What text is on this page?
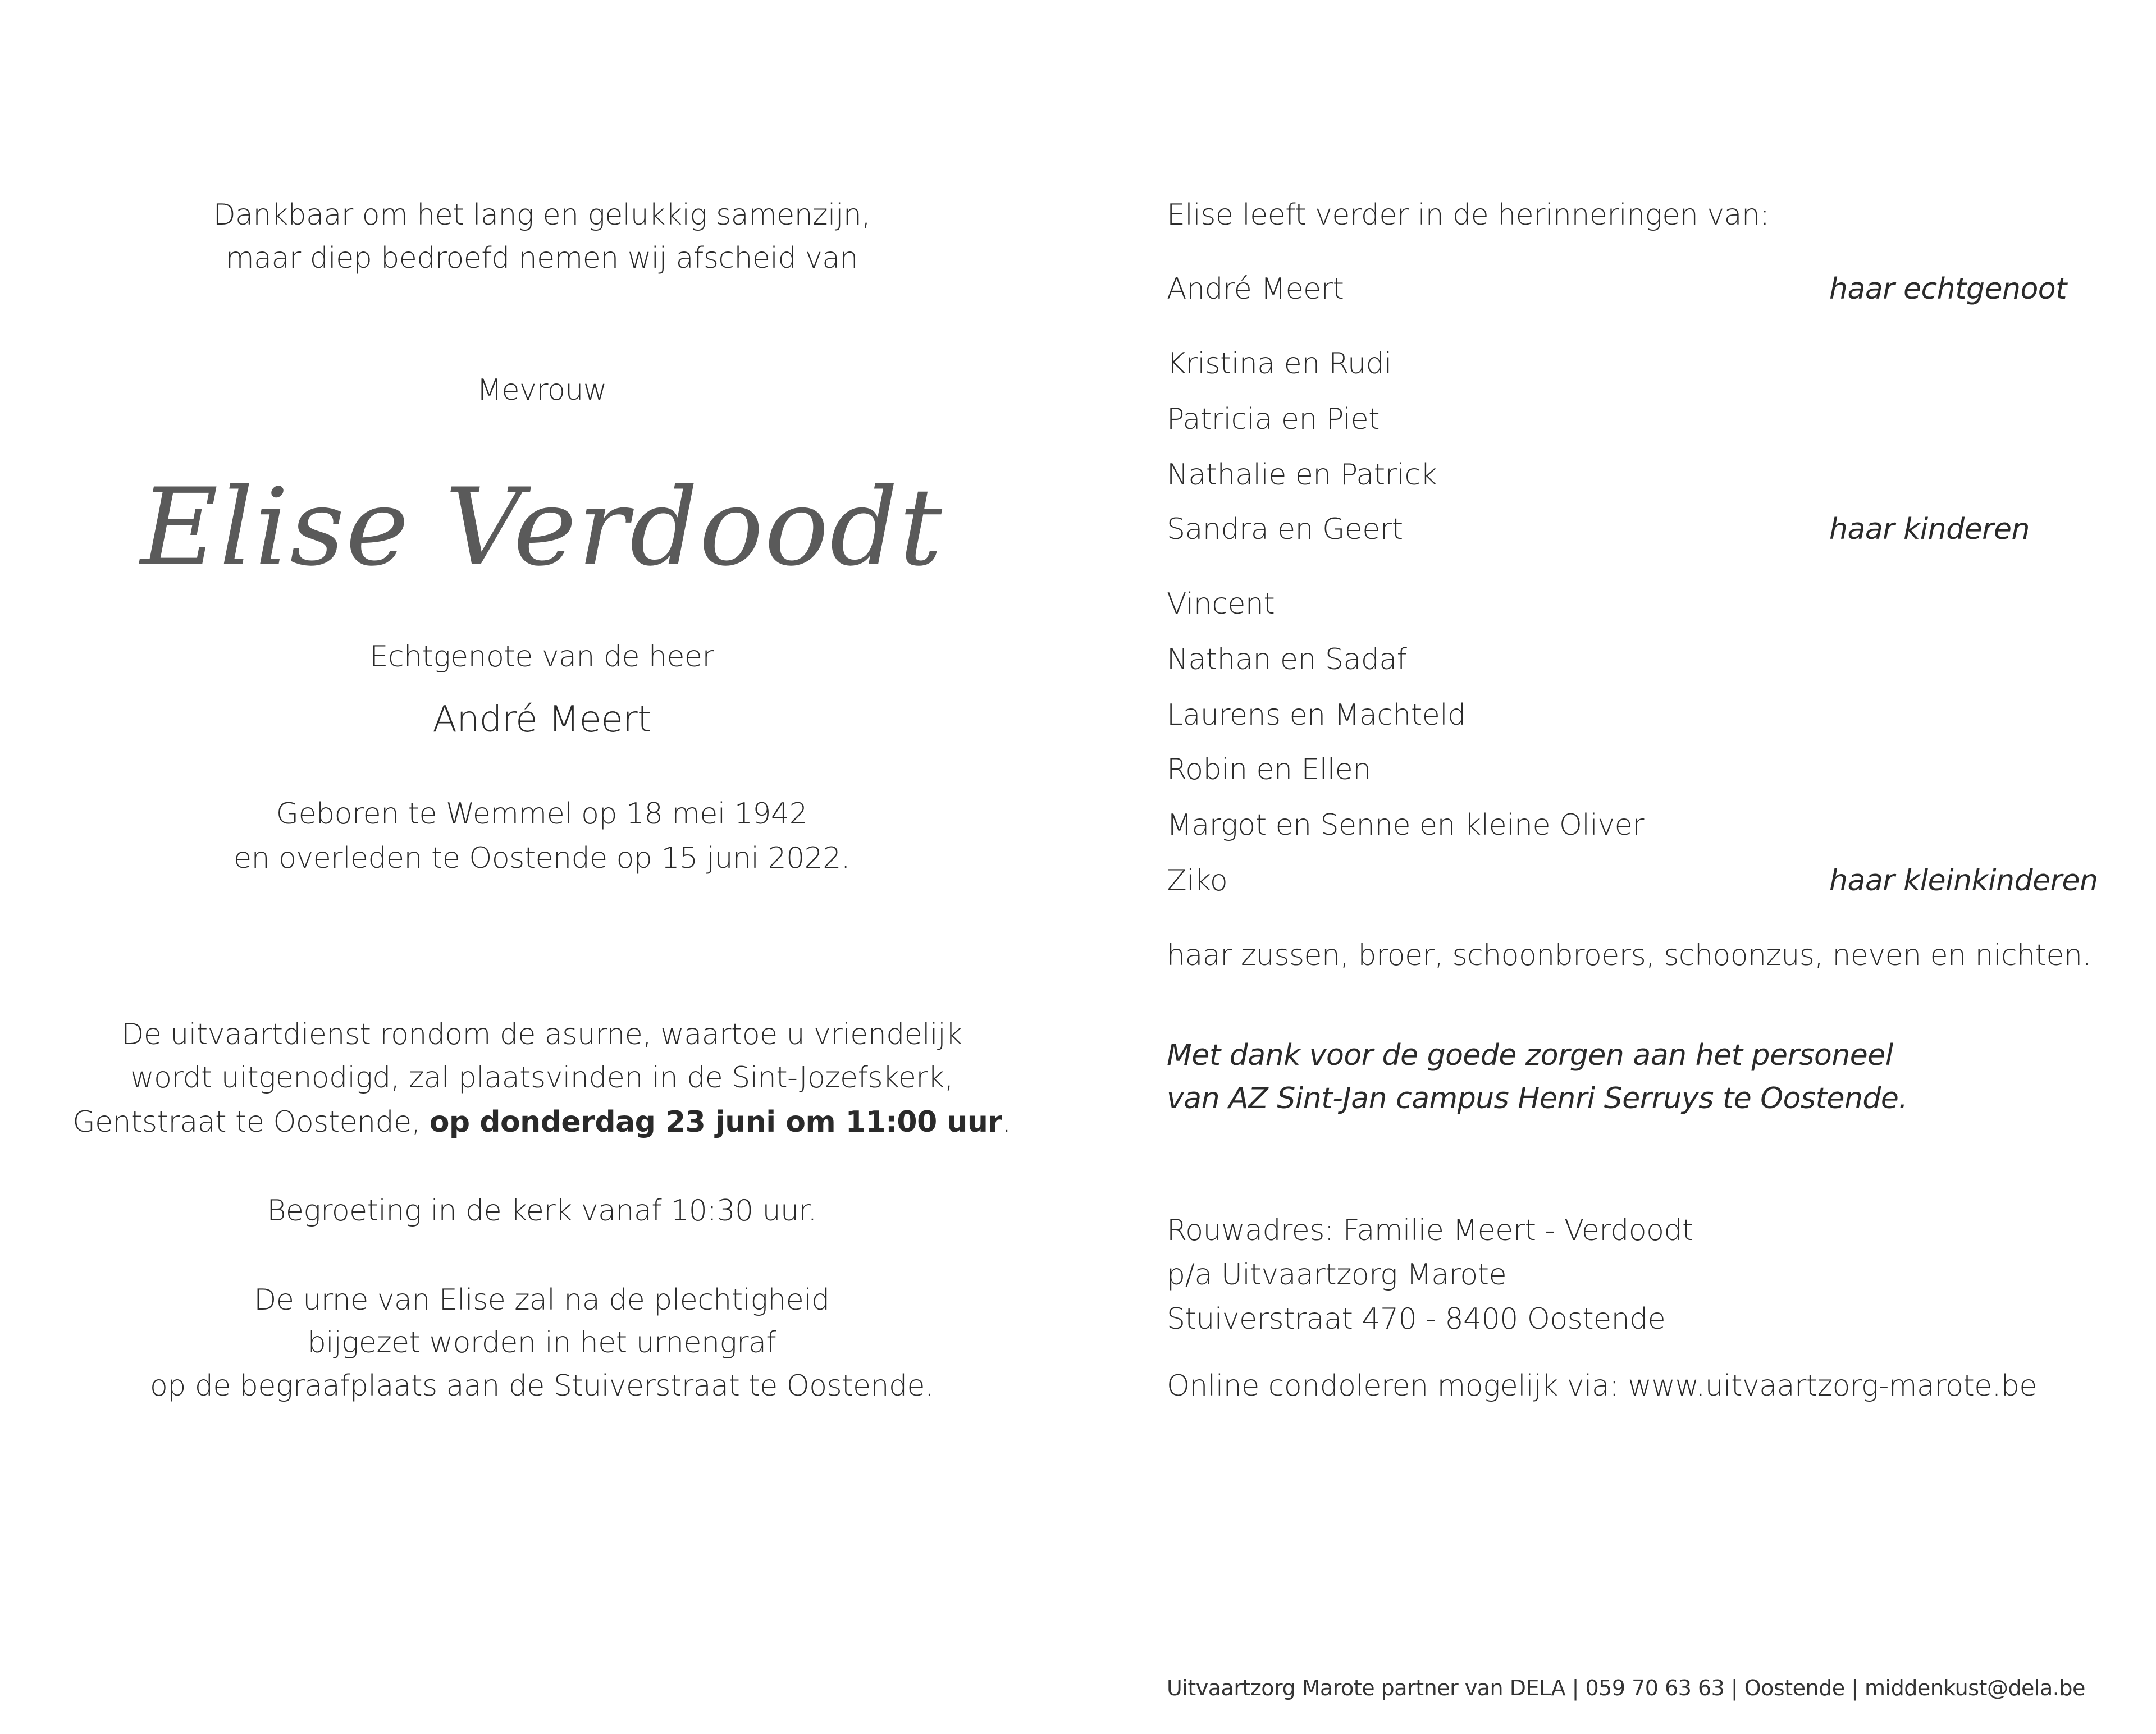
Dankbaar om het lang en gelukkig samenzijn,
maar diep bedroefd nemen wij afscheid van
Mevrouw
Elise Verdoodt
Echtgenote van de heer
André Meert
Geboren te Wemmel op 18 mei 1942
en overleden te Oostende op 15 juni 2022.
De uitvaartdienst rondom de asurne, waartoe u vriendelijk
wordt uitgenodigd, zal plaatsvinden in de Sint-Jozefskerk,
Gentstraat te Oostende, op donderdag 23 juni om 11:00 uur.
Begroeting in de kerk vanaf 10:30 uur.
De urne van Elise zal na de plechtigheid
bijgezet worden in het urnengraf
op de begraafplaats aan de Stuiverstraat te Oostende.
Elise leeft verder in de herinneringen van:
André Meert	haar echtgenoot
Kristina en Rudi
Patricia en Piet
Nathalie en Patrick
Sandra en Geert	haar kinderen
Vincent
Nathan en Sadaf
Laurens en Machteld
Robin en Ellen
Margot en Senne en kleine Oliver
Ziko	haar kleinkinderen
haar zussen, broer, schoonbroers, schoonzus, neven en nichten.
Met dank voor de goede zorgen aan het personeel
van AZ Sint-Jan campus Henri Serruys te Oostende.
Rouwadres: Familie Meert - Verdoodt
p/a Uitvaartzorg Marote
Stuiverstraat 470 - 8400 Oostende
Online condoleren mogelijk via: www.uitvaartzorg-marote.be
Uitvaartzorg Marote partner van DELA | 059 70 63 63 | Oostende | middenkust@dela.be
